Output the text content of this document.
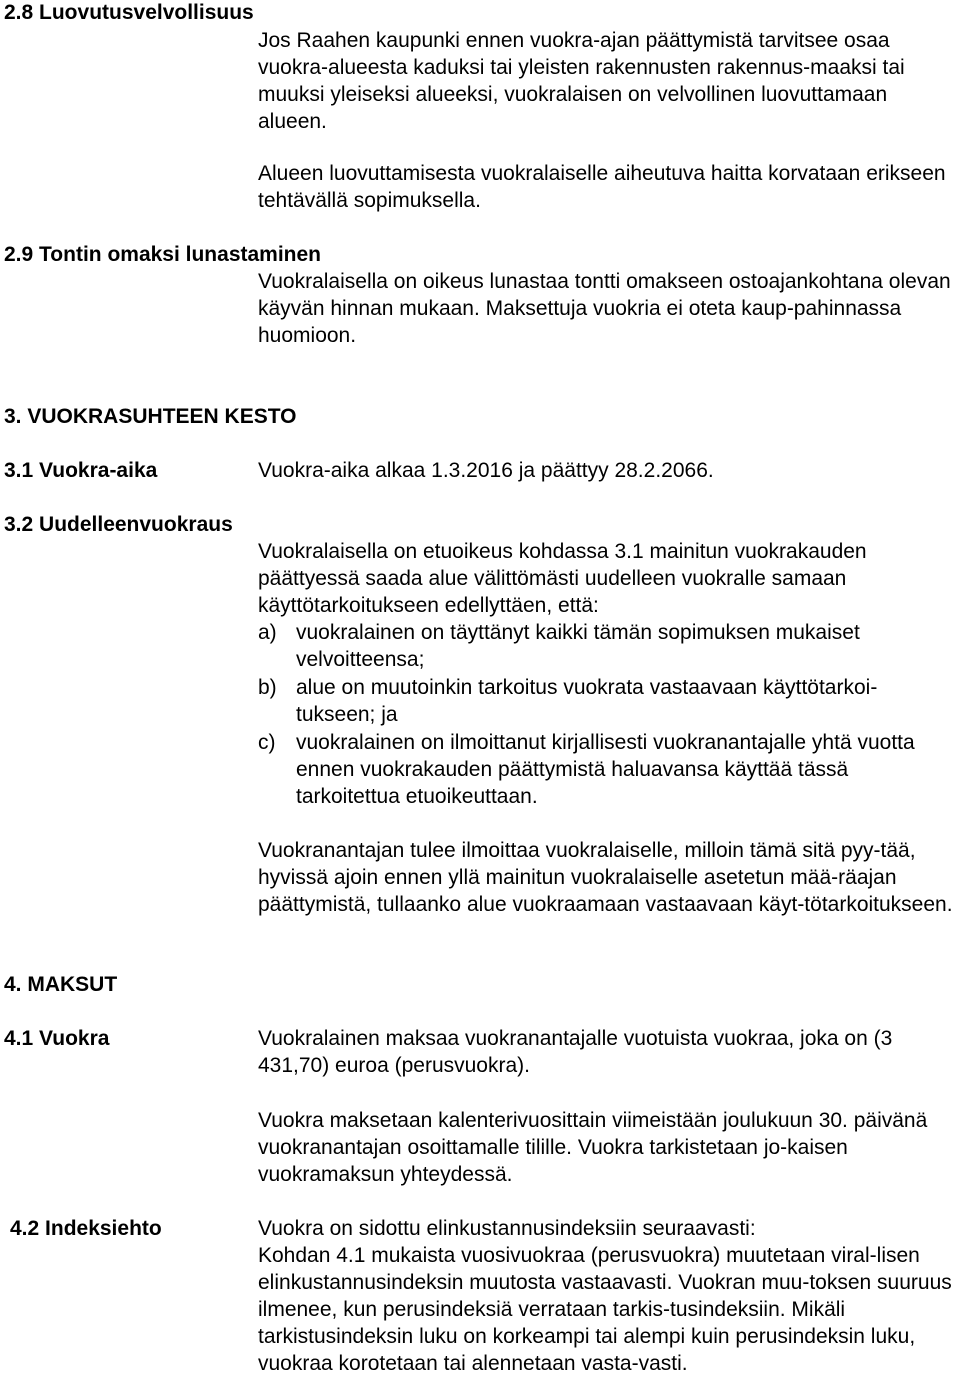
2.8 Luovutusvelvollisuus

Jos Raahen kaupunki ennen vuokra-ajan päättymistä tarvitsee osaa vuokra-alueesta kaduksi tai yleisten rakennusten rakennus-maaksi tai muuksi yleiseksi alueeksi, vuokralaisen on velvollinen luovuttamaan alueen.

Alueen luovuttamisesta vuokralaiselle aiheutuva haitta korvataan erikseen tehtävällä sopimuksella.

2.9 Tontin omaksi lunastaminen

Vuokralaisella on oikeus lunastaa tontti omakseen ostoajankohtana olevan käyvän hinnan mukaan. Maksettuja vuokria ei oteta kaup-pahinnassa huomioon.

3. VUOKRASUHTEEN KESTO

3.1 Vuokra-aika	Vuokra-aika alkaa 1.3.2016 ja päättyy 28.2.2066.

3.2 Uudelleenvuokraus

Vuokralaisella on etuoikeus kohdassa 3.1 mainitun vuokrakauden päättyessä saada alue välittömästi uudelleen vuokralle samaan käyttötarkoitukseen edellyttäen, että:

a) vuokralainen on täyttänyt kaikki tämän sopimuksen mukaiset velvoitteensa;
b) alue on muutoinkin tarkoitus vuokrata vastaavaan käyttötarkoi-tukseen; ja
c) vuokralainen on ilmoittanut kirjallisesti vuokranantajalle yhtä vuotta ennen vuokrakauden päättymistä haluavansa käyttää tässä tarkoitettua etuoikeuttaan.

Vuokranantajan tulee ilmoittaa vuokralaiselle, milloin tämä sitä pyy-tää, hyvissä ajoin ennen yllä mainitun vuokralaiselle asetetun mää-räajan päättymistä, tullaanko alue vuokraamaan vastaavaan käyt-tötarkoitukseen.

4. MAKSUT

4.1 Vuokra	Vuokralainen maksaa vuokranantajalle vuotuista vuokraa, joka on (3 431,70) euroa (perusvuokra).

Vuokra maksetaan kalenterivuosittain viimeistään joulukuun 30. päivänä vuokranantajan osoittamalle tilille. Vuokra tarkistetaan jo-kaisen vuokramaksun yhteydessä.

4.2 Indeksiehto	Vuokra on sidottu elinkustannusindeksiin seuraavasti:

Kohdan 4.1 mukaista vuosivuokraa (perusvuokra) muutetaan viral-lisen elinkustannusindeksin muutosta vastaavasti. Vuokran muu-toksen suuruus ilmenee, kun perusindeksiä verrataan tarkis-tusindeksiin. Mikäli tarkistusindeksin luku on korkeampi tai alempi kuin perusindeksin luku, vuokraa korotetaan tai alennetaan vasta-vasti.
